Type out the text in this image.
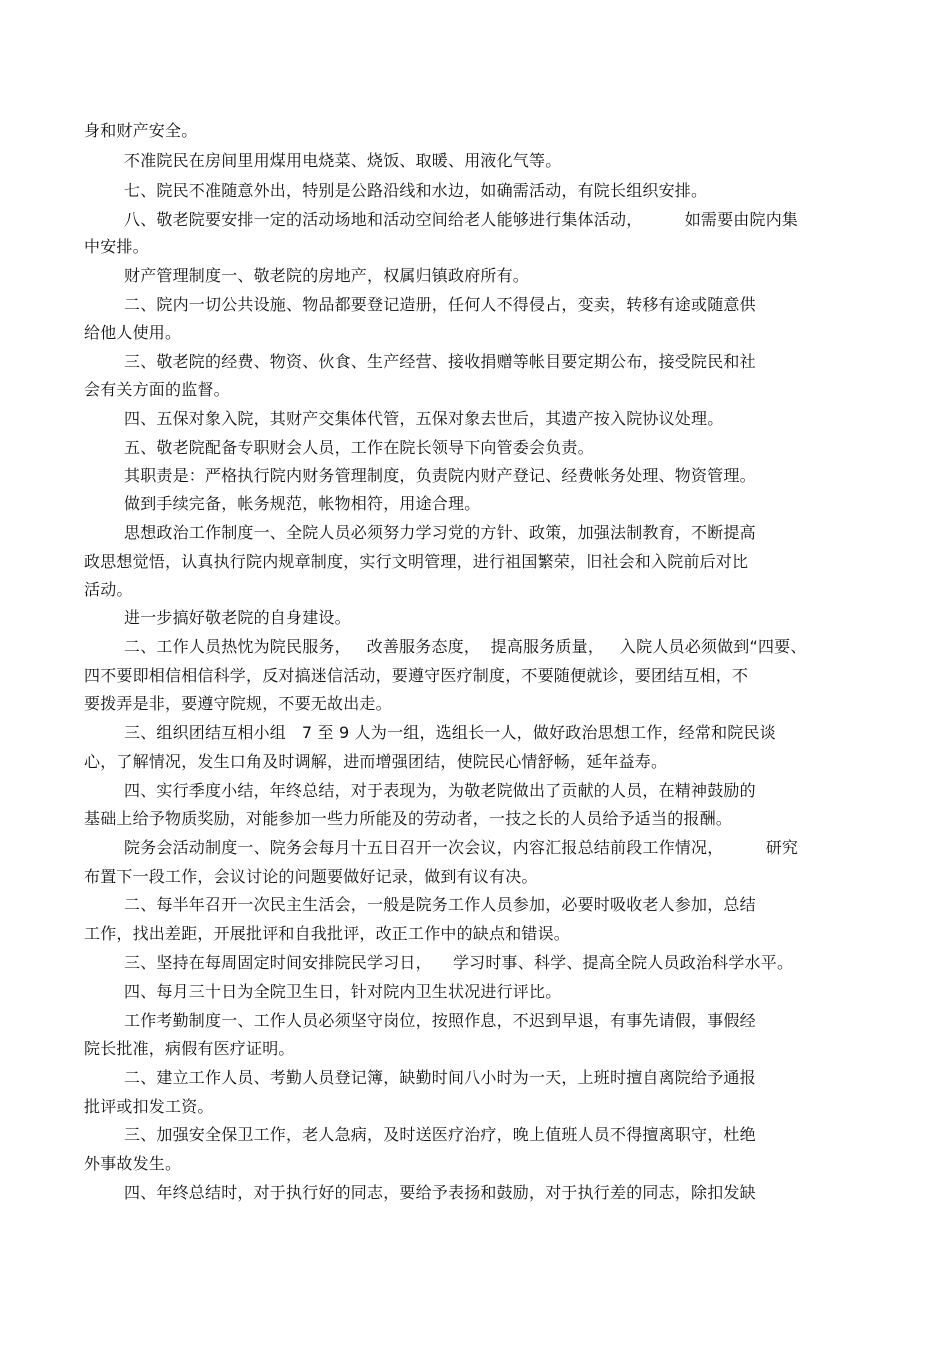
身和财产安全。
不准院民在房间里用煤用电烧菜、烧饭、取暖、用液化气等。
七、院民不准随意外出，特别是公路沿线和水边，如确需活动，有院长组织安排。
八、敬老院要安排一定的活动场地和活动空间给老人能够进行集体活动，        如需要由院内集
中安排。
财产管理制度一、敬老院的房地产，权属归镇政府所有。
二、院内一切公共设施、物品都要登记造册，任何人不得侵占，变卖，转移有途或随意供
给他人使用。
三、敬老院的经费、物资、伙食、生产经营、接收捐赠等帐目要定期公布，接受院民和社
会有关方面的监督。
四、五保对象入院，其财产交集体代管，五保对象去世后，其遗产按入院协议处理。
五、敬老院配备专职财会人员，工作在院长领导下向管委会负责。
其职责是：严格执行院内财务管理制度，负责院内财产登记、经费帐务处理、物资管理。
做到手续完备，帐务规范，帐物相符，用途合理。
思想政治工作制度一、全院人员必须努力学习党的方针、政策，加强法制教育，不断提高
政思想觉悟，认真执行院内规章制度，实行文明管理，进行祖国繁荣，旧社会和入院前后对比
活动。
进一步搞好敬老院的自身建设。
二、工作人员热忱为院民服务，   改善服务态度，  提高服务质量，   入院人员必须做到“四要、
四不要即相信相信科学，反对搞迷信活动，要遵守医疗制度，不要随便就诊，要团结互相，不
要拨弄是非，要遵守院规，不要无故出走。
三、组织团结互相小组   7 至 9 人为一组，选组长一人，做好政治思想工作，经常和院民谈
心，了解情况，发生口角及时调解，进而增强团结，使院民心情舒畅，延年益寿。
四、实行季度小结，年终总结，对于表现为，为敬老院做出了贡献的人员，在精神鼓励的
基础上给予物质奖励，对能参加一些力所能及的劳动者，一技之长的人员给予适当的报酬。
院务会活动制度一、院务会每月十五日召开一次会议，内容汇报总结前段工作情况，        研究
布置下一段工作，会议讨论的问题要做好记录，做到有议有决。
二、每半年召开一次民主生活会，一般是院务工作人员参加，必要时吸收老人参加，总结
工作，找出差距，开展批评和自我批评，改正工作中的缺点和错误。
三、坚持在每周固定时间安排院民学习日，    学习时事、科学、提高全院人员政治科学水平。
四、每月三十日为全院卫生日，针对院内卫生状况进行评比。
工作考勤制度一、工作人员必须坚守岗位，按照作息，不迟到早退，有事先请假，事假经
院长批准，病假有医疗证明。
二、建立工作人员、考勤人员登记簿，缺勤时间八小时为一天，上班时擅自离院给予通报
批评或扣发工资。
三、加强安全保卫工作，老人急病，及时送医疗治疗，晚上值班人员不得擅离职守，杜绝
外事故发生。
四、年终总结时，对于执行好的同志，要给予表扬和鼓励，对于执行差的同志，除扣发缺
